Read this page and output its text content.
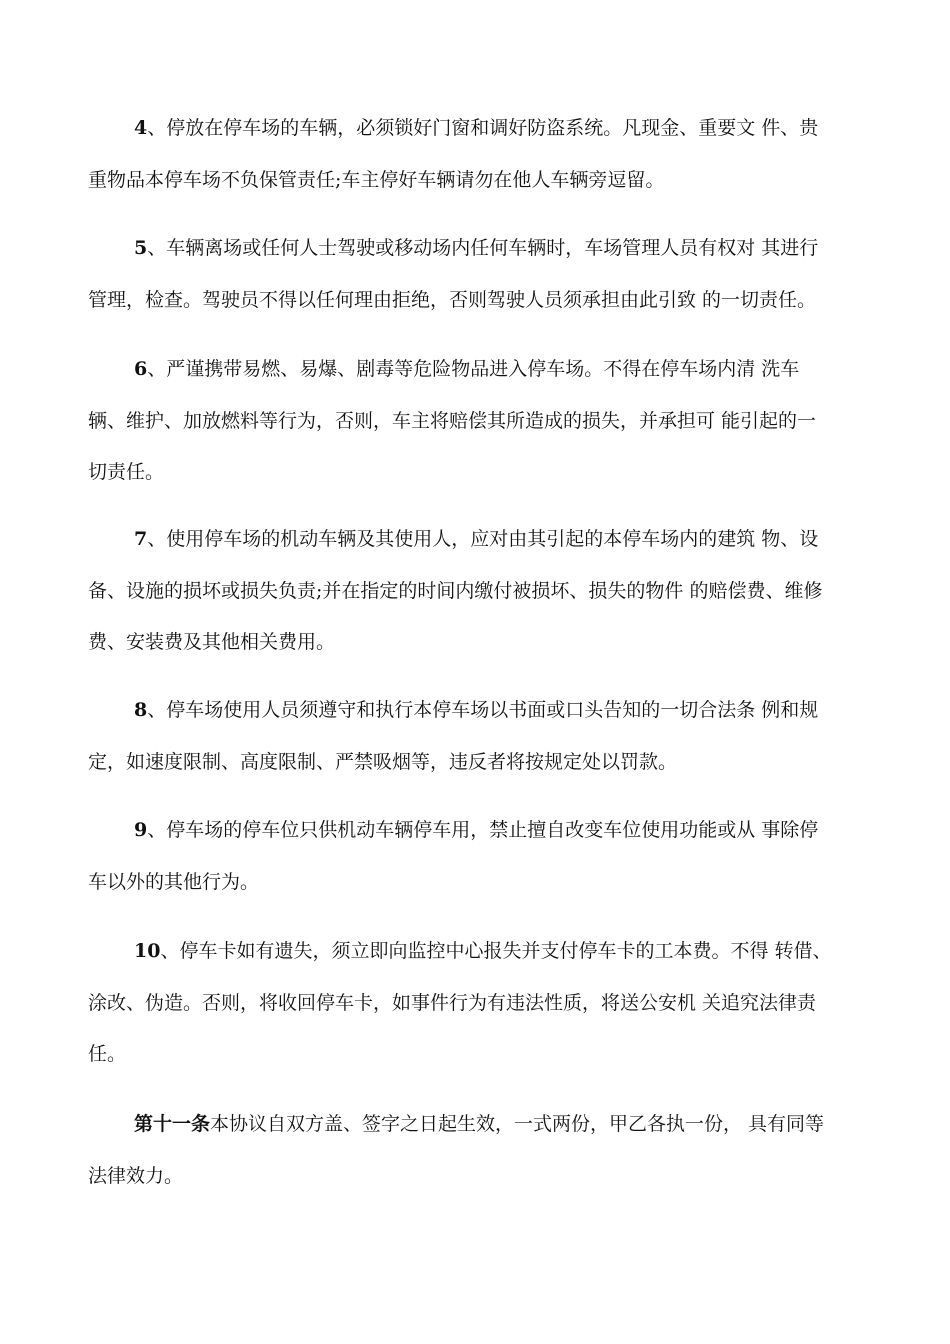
4、停放在停车场的车辆，必须锁好门窗和调好防盗系统。凡现金、重要文 件、贵
重物品本停车场不负保管责任;车主停好车辆请勿在他人车辆旁逗留。
5、车辆离场或任何人士驾驶或移动场内任何车辆时，车场管理人员有权对 其进行
管理，检查。驾驶员不得以任何理由拒绝，否则驾驶人员须承担由此引致 的一切责任。
6、严谨携带易燃、易爆、剧毒等危险物品进入停车场。不得在停车场内清 洗车
辆、维护、加放燃料等行为，否则，车主将赔偿其所造成的损失，并承担可 能引起的一
切责任。
7、使用停车场的机动车辆及其使用人，应对由其引起的本停车场内的建筑 物、设
备、设施的损坏或损失负责;并在指定的时间内缴付被损坏、损失的物件 的赔偿费、维修
费、安装费及其他相关费用。
8、停车场使用人员须遵守和执行本停车场以书面或口头告知的一切合法条 例和规
定，如速度限制、高度限制、严禁吸烟等，违反者将按规定处以罚款。
9、停车场的停车位只供机动车辆停车用，禁止擅自改变车位使用功能或从 事除停
车以外的其他行为。
10、停车卡如有遗失，须立即向监控中心报失并支付停车卡的工本费。不得 转借、
涂改、伪造。否则，将收回停车卡，如事件行为有违法性质，将送公安机 关追究法律责
任。
第十一条本协议自双方盖、签字之日起生效，一式两份，甲乙各执一份， 具有同等
法律效力。
